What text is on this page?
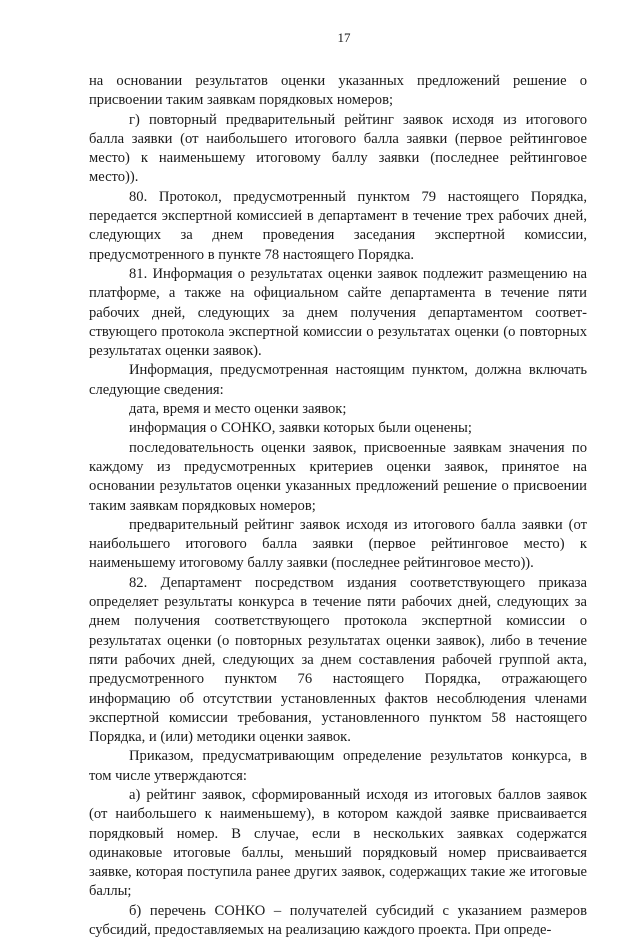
17

на основании результатов оценки указанных предложений решение о присвоении таким заявкам порядковых номеров;

г) повторный предварительный рейтинг заявок исходя из итогового балла заявки (от наибольшего итогового балла заявки (первое рейтинговое место) к наименьшему итоговому баллу заявки (последнее рейтинговое место)).

80. Протокол, предусмотренный пунктом 79 настоящего Порядка, передается экспертной комиссией в департамент в течение трех рабочих дней, следующих за днем проведения заседания экспертной комиссии, предусмотренного в пункте 78 настоящего Порядка.

81. Информация о результатах оценки заявок подлежит размещению на платформе, а также на официальном сайте департамента в течение пяти рабочих дней, следующих за днем получения департаментом соответствующего протокола экспертной комиссии о результатах оценки (о повторных результатах оценки заявок).

Информация, предусмотренная настоящим пунктом, должна включать следующие сведения:

дата, время и место оценки заявок;

информация о СОНКО, заявки которых были оценены;

последовательность оценки заявок, присвоенные заявкам значения по каждому из предусмотренных критериев оценки заявок, принятое на основании результатов оценки указанных предложений решение о присвоении таким заявкам порядковых номеров;

предварительный рейтинг заявок исходя из итогового балла заявки (от наибольшего итогового балла заявки (первое рейтинговое место) к наименьшему итоговому баллу заявки (последнее рейтинговое место)).

82. Департамент посредством издания соответствующего приказа определяет результаты конкурса в течение пяти рабочих дней, следующих за днем получения соответствующего протокола экспертной комиссии о результатах оценки (о повторных результатах оценки заявок), либо в течение пяти рабочих дней, следующих за днем составления рабочей группой акта, предусмотренного пунктом 76 настоящего Порядка, отражающего информацию об отсутствии установленных фактов несоблюдения членами экспертной комиссии требования, установленного пунктом 58 настоящего Порядка, и (или) методики оценки заявок.

Приказом, предусматривающим определение результатов конкурса, в том числе утверждаются:

а) рейтинг заявок, сформированный исходя из итоговых баллов заявок (от наибольшего к наименьшему), в котором каждой заявке присваивается порядковый номер. В случае, если в нескольких заявках содержатся одинаковые итоговые баллы, меньший порядковый номер присваивается заявке, которая поступила ранее других заявок, содержащих такие же итоговые баллы;

б) перечень СОНКО – получателей субсидий с указанием размеров субсидий, предоставляемых на реализацию каждого проекта. При опреде-
